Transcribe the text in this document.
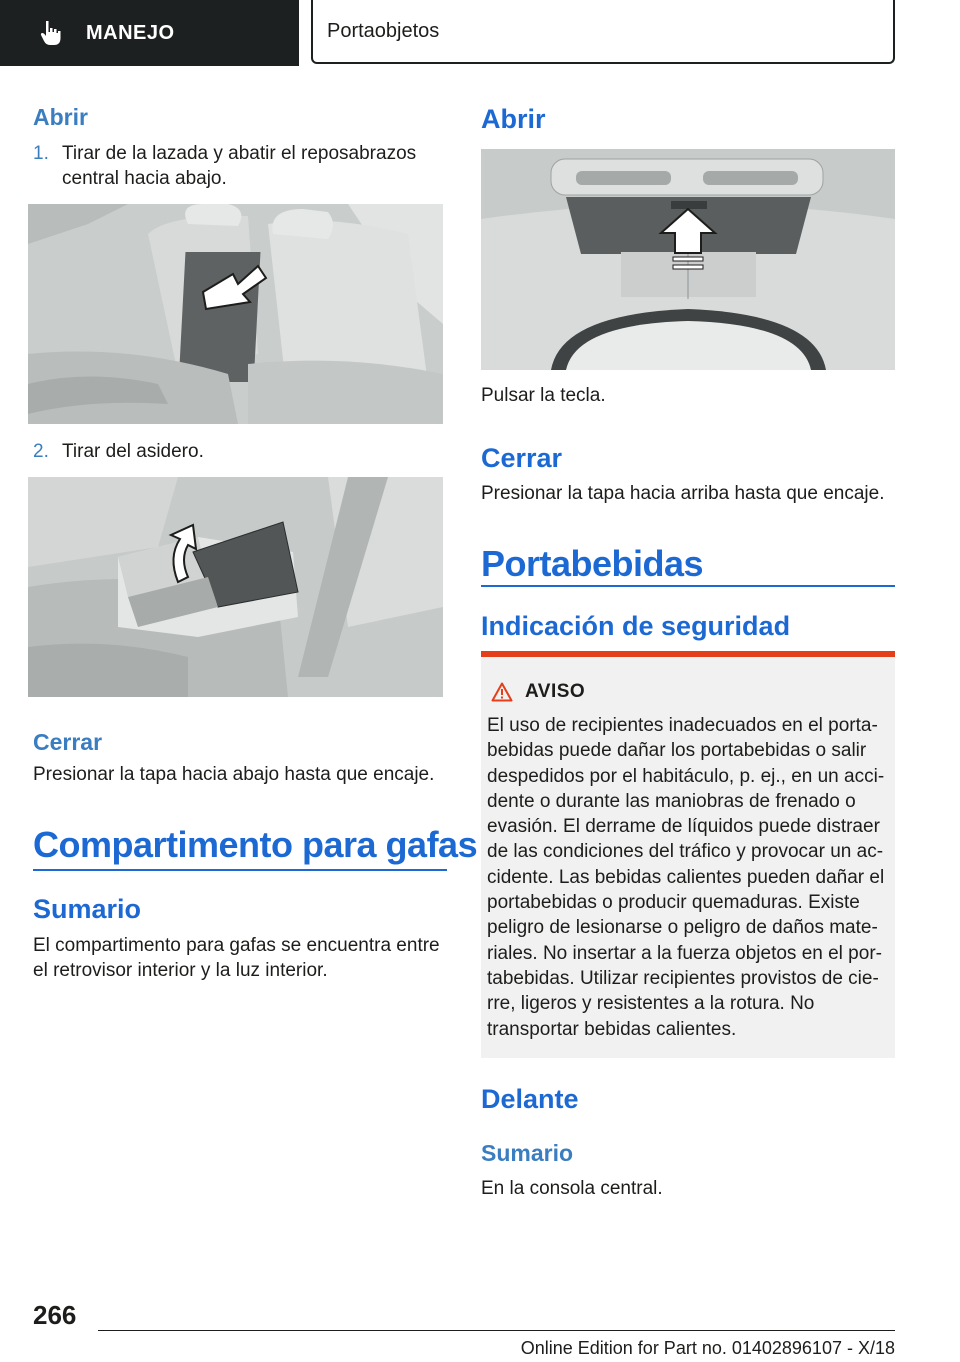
MANEJO	Portaobjetos
Abrir
1. Tirar de la lazada y abatir el reposabrazos
central hacia abajo.
2. Tirar del asidero.
Cerrar

Presionar la tapa hacia abajo hasta que encaje.

Compartimento para gafas
Sumario
El compartimento para gafas se encuentra entre
el retrovisor interior y la luz interior.
Abrir

Pulsar la tecla.

Cerrar

Presionar la tapa hacia arriba hasta que encaje.

Portabebidas
Indicación de seguridad
AVISO
El uso de recipientes inadecuados en el porta‐
bebidas puede dañar los portabebidas o salir
despedidos por el habitáculo, p. ej., en un acci‐
dente o durante las maniobras de frenado o
evasión. El derrame de líquidos puede distraer
de las condiciones del tráfico y provocar un ac‐
cidente. Las bebidas calientes pueden dañar el
portabebidas o producir quemaduras. Existe
peligro de lesionarse o peligro de daños mate‐
riales. No insertar a la fuerza objetos en el por‐
tabebidas. Utilizar recipientes provistos de cie‐
rre, ligeros y resistentes a la rotura. No
transportar bebidas calientes.
Delante
Sumario

En la consola central.

266
Online Edition for Part no. 01402896107 - X/18
